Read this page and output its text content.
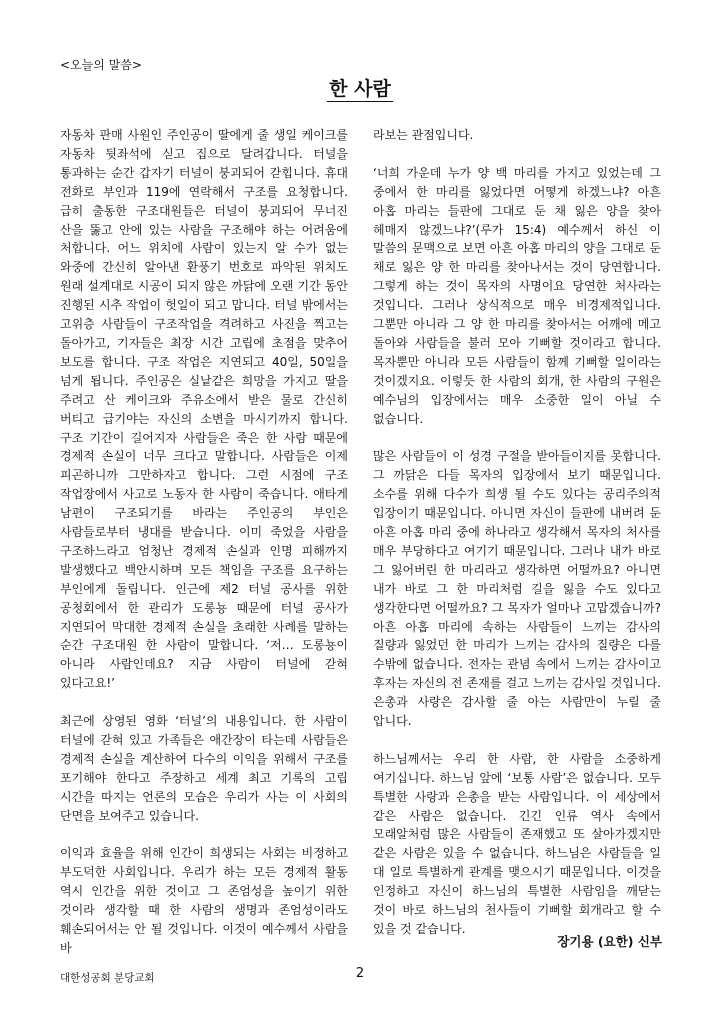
<오늘의 말씀>
한 사람

자동차 판매 사원인 주인공이 딸에게 줄 생일 케이크를 자동차 뒷좌석에 싣고 집으로 달려갑니다. 터널을 통과하는 순간 갑자기 터널이 붕괴되어 갇힙니다. 휴대 전화로 부인과 119에 연락해서 구조를 요청합니다. 급히 출동한 구조대원들은 터널이 붕괴되어 무너진 산을 뚫고 안에 있는 사람을 구조해야 하는 어려움에 처합니다. 어느 위치에 사람이 있는지 알 수가 없는 와중에 간신히 알아낸 환풍기 번호로 파악된 위치도 원래 설계대로 시공이 되지 않은 까닭에 오랜 기간 동안 진행된 시추 작업이 헛일이 되고 맙니다. 터널 밖에서는 고위층 사람들이 구조작업을 격려하고 사진을 찍고는 돌아가고, 기자들은 최장 시간 고립에 초점을 맞추어 보도를 합니다. 구조 작업은 지연되고 40일, 50일을 넘게 됩니다. 주인공은 실낱같은 희망을 가지고 딸을 주려고 산 케이크와 주유소에서 받은 물로 간신히 버티고 급기야는 자신의 소변을 마시기까지 합니다. 구조 기간이 길어지자 사람들은 죽은 한 사람 때문에 경제적 손실이 너무 크다고 말합니다. 사람들은 이제 피곤하니까 그만하자고 합니다. 그런 시점에 구조 작업장에서 사고로 노동자 한 사람이 죽습니다. 애타게 남편이 구조되기를 바라는 주인공의 부인은 사람들로부터 냉대를 받습니다. 이미 죽었을 사람을 구조하느라고 엄청난 경제적 손실과 인명 피해까지 발생했다고 백안시하며 모든 책임을 구조를 요구하는 부인에게 돌립니다. 인근에 제2 터널 공사를 위한 공청회에서 한 관리가 도롱뇽 때문에 터널 공사가 지연되어 막대한 경제적 손실을 초래한 사례를 말하는 순간 구조대원 한 사람이 말합니다. ‘저… 도롱뇽이 아니라 사람인데요? 지금 사람이 터널에 갇혀 있다고요!’

최근에 상영된 영화 ‘터널’의 내용입니다. 한 사람이 터널에 갇혀 있고 가족들은 애간장이 타는데 사람들은 경제적 손실을 계산하여 다수의 이익을 위해서 구조를 포기해야 한다고 주장하고 세계 최고 기록의 고립 시간을 따지는 언론의 모습은 우리가 사는 이 사회의 단면을 보여주고 있습니다.

이익과 효율을 위해 인간이 희생되는 사회는 비정하고 부도덕한 사회입니다. 우리가 하는 모든 경제적 활동 역시 인간을 위한 것이고 그 존엄성을 높이기 위한 것이라 생각할 때 한 사람의 생명과 존엄성이라도 훼손되어서는 안 될 것입니다. 이것이 예수께서 사람을 바

라보는 관점입니다.

‘너희 가운데 누가 양 백 마리를 가지고 있었는데 그 중에서 한 마리를 잃었다면 어떻게 하겠느냐? 아흔 아홉 마리는 들판에 그대로 둔 채 잃은 양을 찾아 헤매지 않겠느냐?’(루가 15:4) 예수께서 하신 이 말씀의 문맥으로 보면 아흔 아홉 마리의 양을 그대로 둔 채로 잃은 양 한 마리를 찾아나서는 것이 당연합니다. 그렇게 하는 것이 목자의 사명이요 당연한 처사라는 것입니다. 그러나 상식적으로 매우 비경제적입니다. 그뿐만 아니라 그 양 한 마리를 찾아서는 어깨에 메고 돌아와 사람들을 불러 모아 기뻐할 것이라고 합니다. 목자뿐만 아니라 모든 사람들이 함께 기뻐할 일이라는 것이겠지요. 이렇듯 한 사람의 회개, 한 사람의 구원은 예수님의 입장에서는 매우 소중한 일이 아닐 수 없습니다.

많은 사람들이 이 성경 구절을 받아들이지를 못합니다. 그 까닭은 다들 목자의 입장에서 보기 때문입니다. 소수를 위해 다수가 희생 될 수도 있다는 공리주의적 입장이기 때문입니다. 아니면 자신이 들판에 내버려 둔 아흔 아홉 마리 중에 하나라고 생각해서 목자의 처사를 매우 부당하다고 여기기 때문입니다. 그러나 내가 바로 그 잃어버린 한 마리라고 생각하면 어떨까요? 아니면 내가 바로 그 한 마리처럼 길을 잃을 수도 있다고 생각한다면 어떨까요? 그 목자가 얼마나 고맙겠습니까? 아흔 아홉 마리에 속하는 사람들이 느끼는 감사의 질량과 잃었던 한 마리가 느끼는 감사의 질량은 다를 수밖에 없습니다. 전자는 관념 속에서 느끼는 감사이고 후자는 자신의 전 존재를 걸고 느끼는 감사일 것입니다. 은총과 사랑은 감사할 줄 아는 사람만이 누릴 줄 압니다.

하느님께서는 우리 한 사람, 한 사람을 소중하게 여기십니다. 하느님 앞에 ‘보통 사람’은 없습니다. 모두 특별한 사랑과 은총을 받는 사람입니다. 이 세상에서 같은 사람은 없습니다. 긴긴 인류 역사 속에서 모래알처럼 많은 사람들이 존재했고 또 살아가겠지만 같은 사람은 있을 수 없습니다. 하느님은 사람들을 일 대 일로 특별하게 관계를 맺으시기 때문입니다. 이것을 인정하고 자신이 하느님의 특별한 사람임을 깨닫는 것이 바로 하느님의 천사들이 기뻐할 회개라고 할 수 있을 것 같습니다.

장기용 (요한) 신부
대한성공회 분당교회	2
